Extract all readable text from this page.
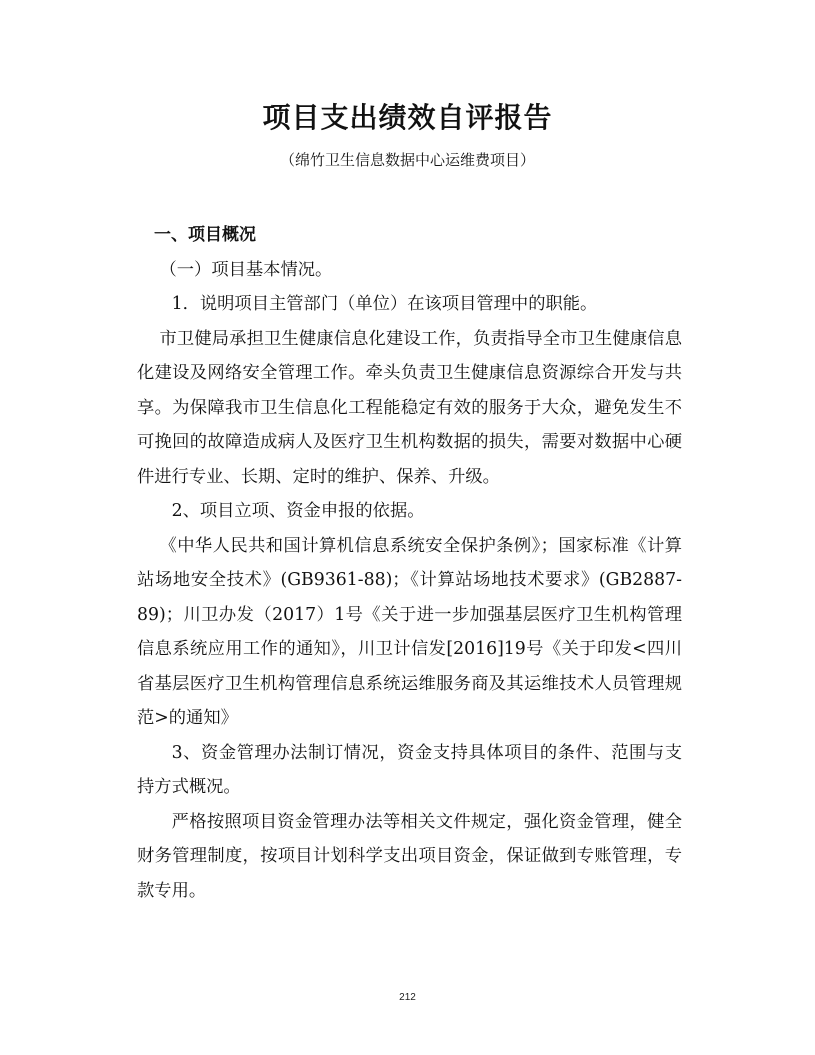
项目支出绩效自评报告
（绵竹卫生信息数据中心运维费项目）

一、项目概况

（一）项目基本情况。

1．说明项目主管部门（单位）在该项目管理中的职能。

市卫健局承担卫生健康信息化建设工作，负责指导全市卫生健康信息化建设及网络安全管理工作。牵头负责卫生健康信息资源综合开发与共享。为保障我市卫生信息化工程能稳定有效的服务于大众，避免发生不可挽回的故障造成病人及医疗卫生机构数据的损失，需要对数据中心硬件进行专业、长期、定时的维护、保养、升级。

2、项目立项、资金申报的依据。

《中华人民共和国计算机信息系统安全保护条例》；国家标准《计算站场地安全技术》(GB9361-88)；《计算站场地技术要求》(GB2887-89)；川卫办发（2017）1号《关于进一步加强基层医疗卫生机构管理信息系统应用工作的通知》，川卫计信发[2016]19号《关于印发<四川省基层医疗卫生机构管理信息系统运维服务商及其运维技术人员管理规范>的通知》

3、资金管理办法制订情况，资金支持具体项目的条件、范围与支持方式概况。

严格按照项目资金管理办法等相关文件规定，强化资金管理，健全财务管理制度，按项目计划科学支出项目资金，保证做到专账管理，专款专用。

212
